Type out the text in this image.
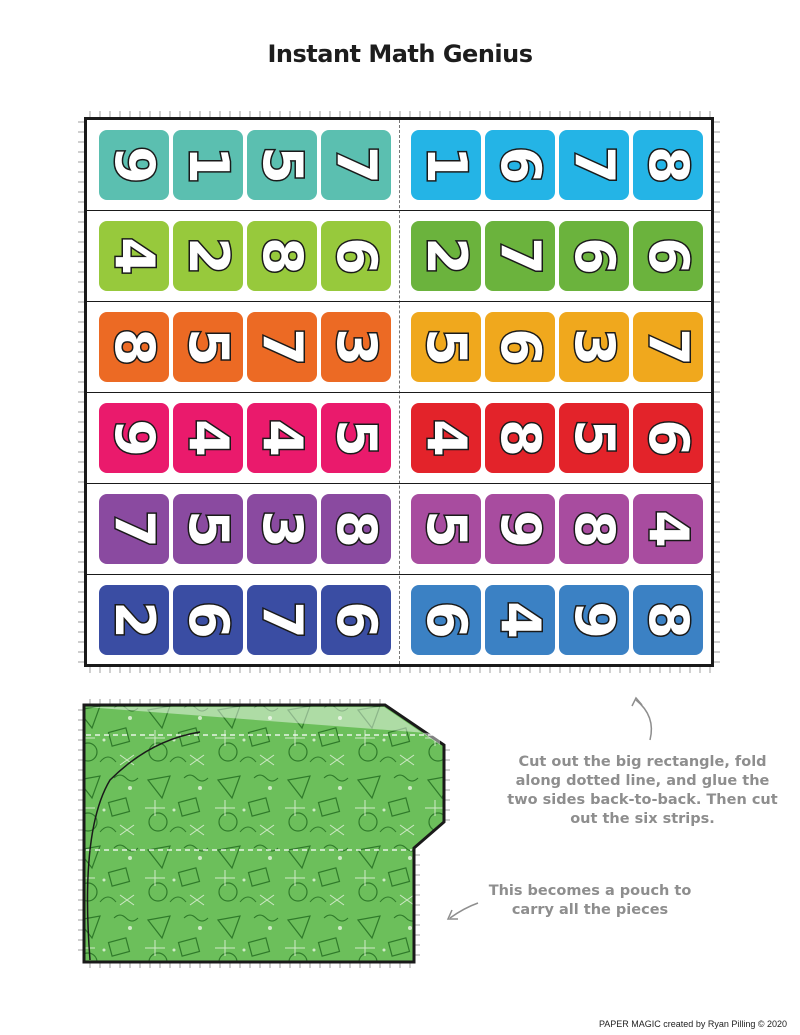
Instant Math Genius
9 1 5 7 1 6 7 8
4 2 8 6 2 7 6 6
8 5 7 3 5 6 3 7
9 4 4 5 4 8 5 6
7 5 3 8 5 9 8 4
2 6 7 6 6 4 9 8
Cut out the big rectangle, fold along dotted line, and glue the two sides back-to-back. Then cut out the six strips.
This becomes a pouch to carry all the pieces
PAPER MAGIC created by Ryan Pilling © 2020
